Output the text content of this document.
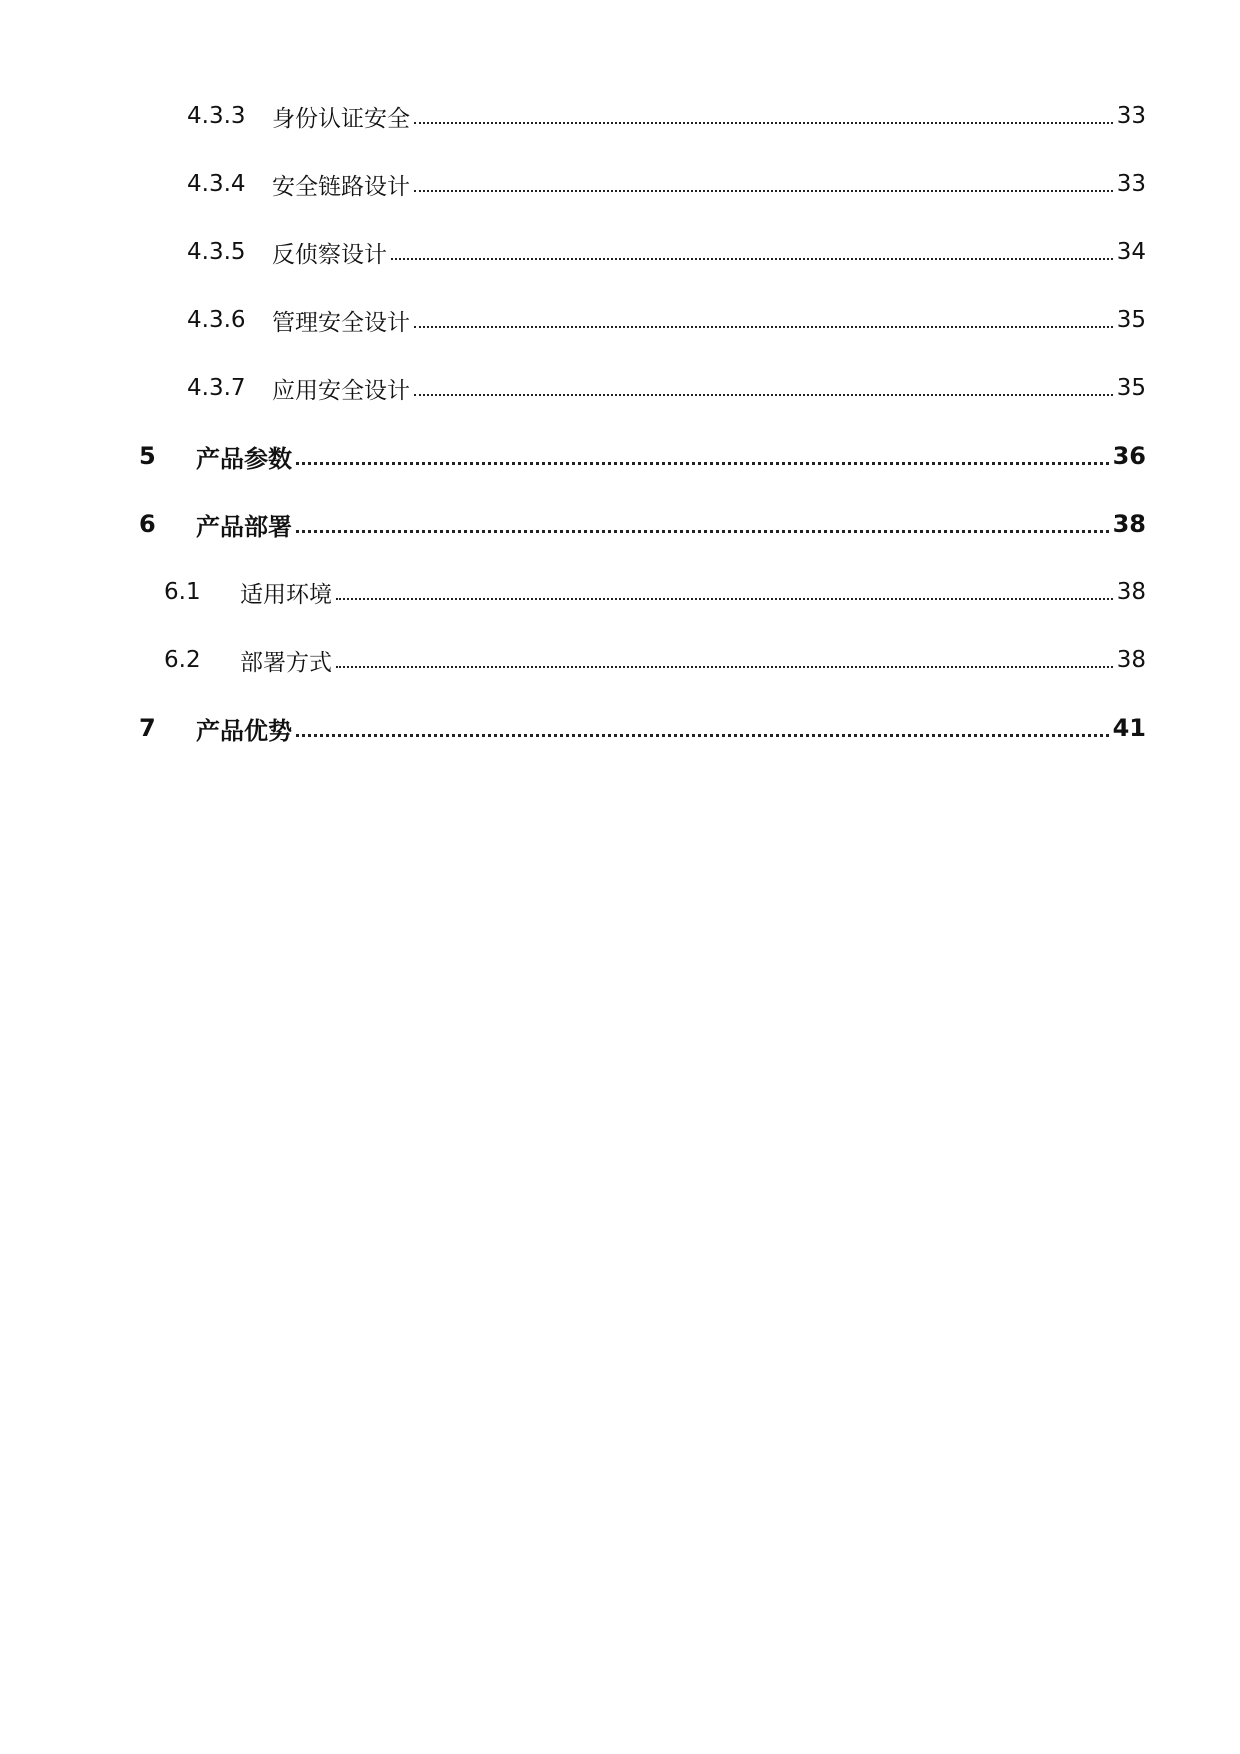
4.3.3	身份认证安全	33
4.3.4	安全链路设计	33
4.3.5	反侦察设计	34
4.3.6	管理安全设计	35
4.3.7	应用安全设计	35
5	产品参数	36
6	产品部署	38
6.1	适用环境	38
6.2	部署方式	38
7	产品优势	41
